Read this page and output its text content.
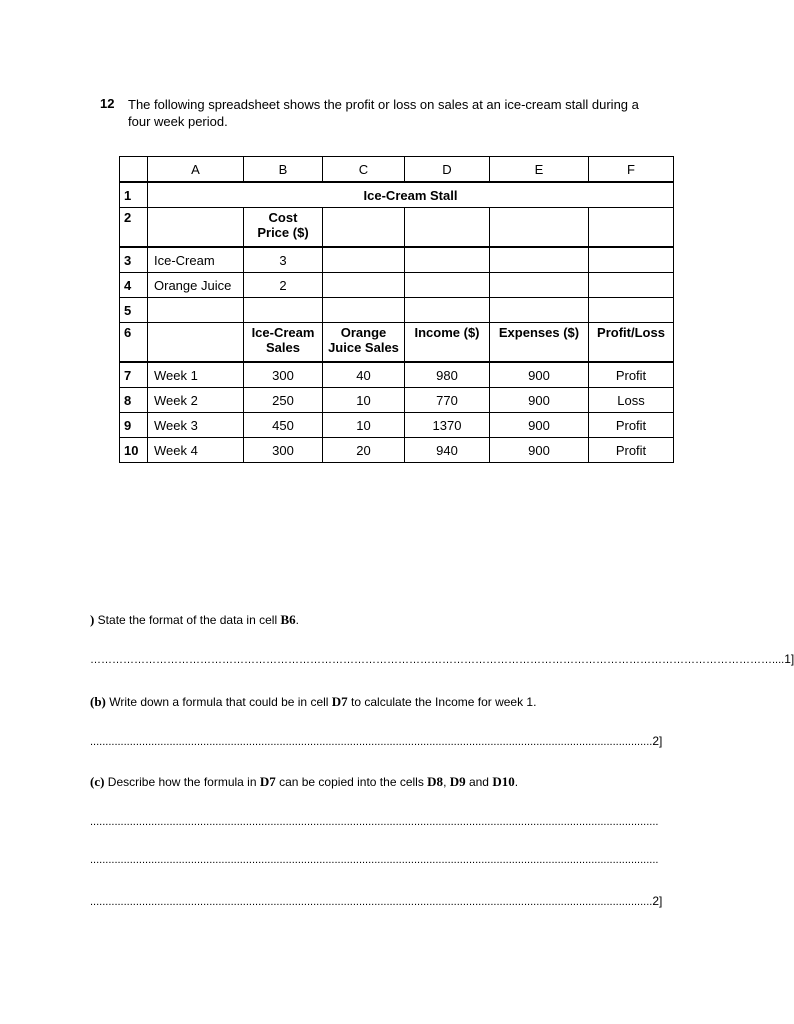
12 The following spreadsheet shows the profit or loss on sales at an ice-cream stall during a
four week period.
	A	B	C	D	E	F
1	Ice-Cream Stall					
2		Cost
Price ($)				
3	Ice-Cream	3				
4	Orange Juice	2				
5						
6		Ice-Cream
Sales	Orange
Juice Sales	Income ($)	Expenses ($)	Profit/Loss
7	Week 1	300	40	980	900	Profit
8	Week 2	250	10	770	900	Loss
9	Week 3	450	10	1370	900	Profit
10	Week 4	300	20	940	900	Profit
) State the format of the data in cell B6.
……………………………………………………………………………………………………………………………………………………………………....1]
(b) Write down a formula that could be in cell D7 to calculate the Income for week 1.
........................................................................................................................................................................................2]
(c) Describe how the formula in D7 can be copied into the cells D8, D9 and D10.
..........................................................................................................................................................................................
..........................................................................................................................................................................................
........................................................................................................................................................................................2]
